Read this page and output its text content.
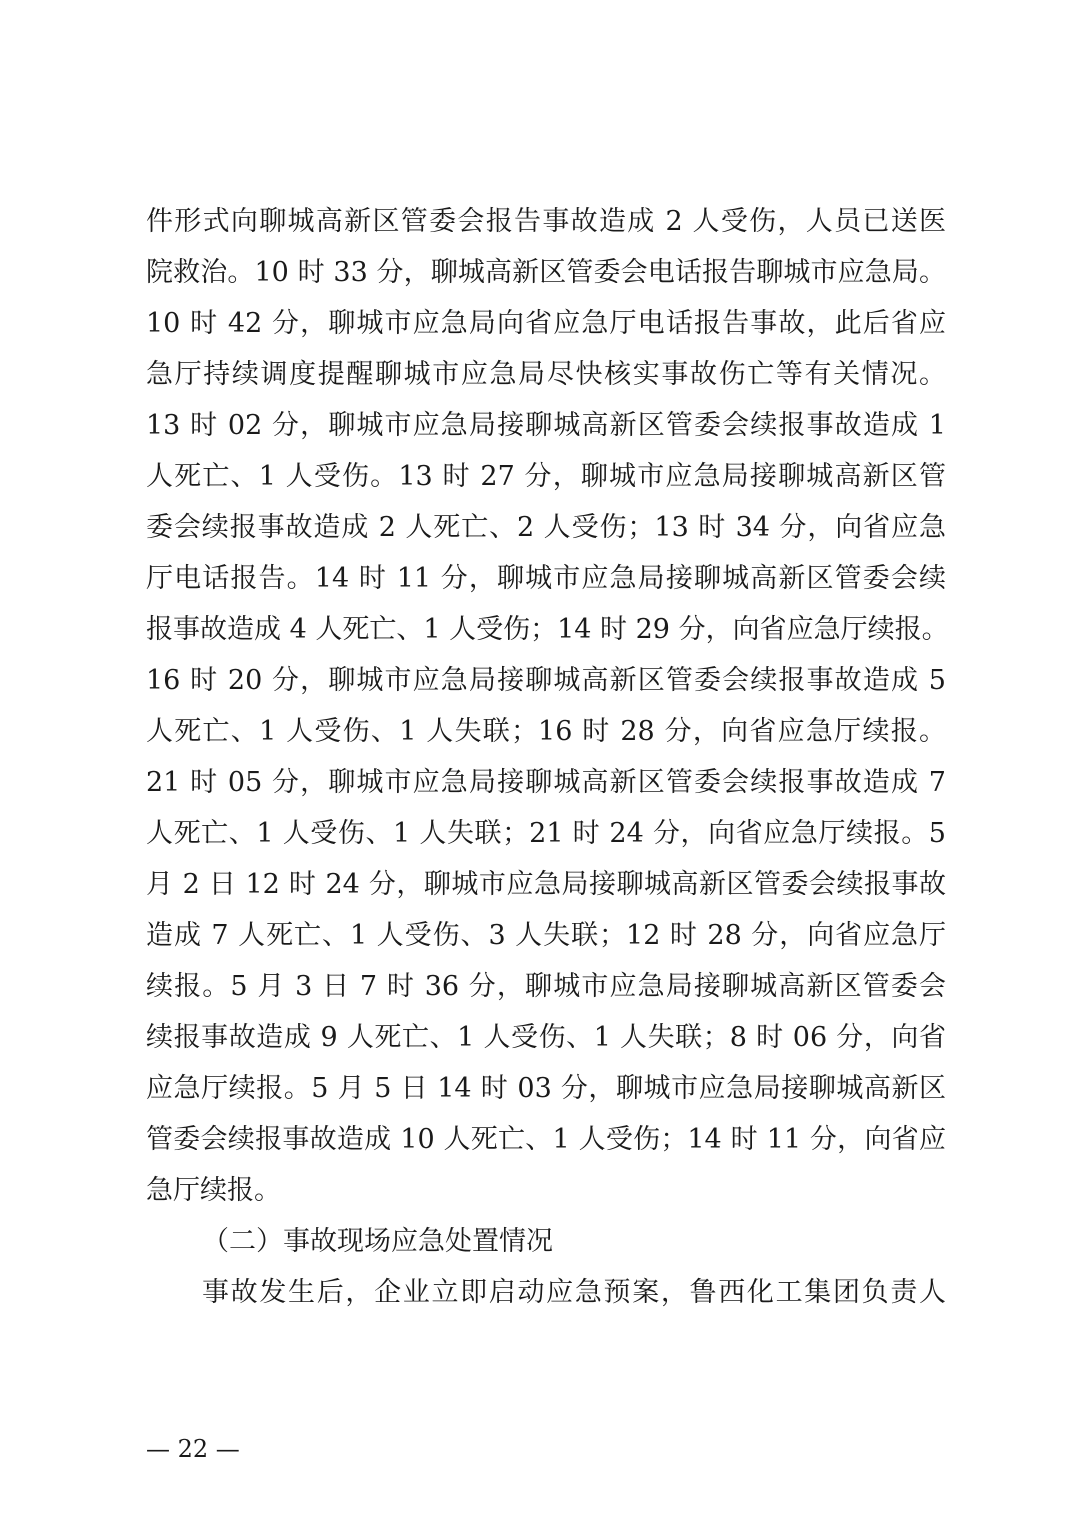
件形式向聊城高新区管委会报告事故造成 2 人受伤，人员已送医
院救治。10 时 33 分，聊城高新区管委会电话报告聊城市应急局。
10 时 42 分，聊城市应急局向省应急厅电话报告事故，此后省应
急厅持续调度提醒聊城市应急局尽快核实事故伤亡等有关情况。
13 时 02 分，聊城市应急局接聊城高新区管委会续报事故造成 1
人死亡、1 人受伤。13 时 27 分，聊城市应急局接聊城高新区管
委会续报事故造成 2 人死亡、2 人受伤；13 时 34 分，向省应急
厅电话报告。14 时 11 分，聊城市应急局接聊城高新区管委会续
报事故造成 4 人死亡、1 人受伤；14 时 29 分，向省应急厅续报。
16 时 20 分，聊城市应急局接聊城高新区管委会续报事故造成 5
人死亡、1 人受伤、1 人失联；16 时 28 分，向省应急厅续报。
21 时 05 分，聊城市应急局接聊城高新区管委会续报事故造成 7
人死亡、1 人受伤、1 人失联；21 时 24 分，向省应急厅续报。5
月 2 日 12 时 24 分，聊城市应急局接聊城高新区管委会续报事故
造成 7 人死亡、1 人受伤、3 人失联；12 时 28 分，向省应急厅
续报。5 月 3 日 7 时 36 分，聊城市应急局接聊城高新区管委会
续报事故造成 9 人死亡、1 人受伤、1 人失联；8 时 06 分，向省
应急厅续报。5 月 5 日 14 时 03 分，聊城市应急局接聊城高新区
管委会续报事故造成 10 人死亡、1 人受伤；14 时 11 分，向省应
急厅续报。
（二）事故现场应急处置情况
事故发生后，企业立即启动应急预案，鲁西化工集团负责人
— 22 —
